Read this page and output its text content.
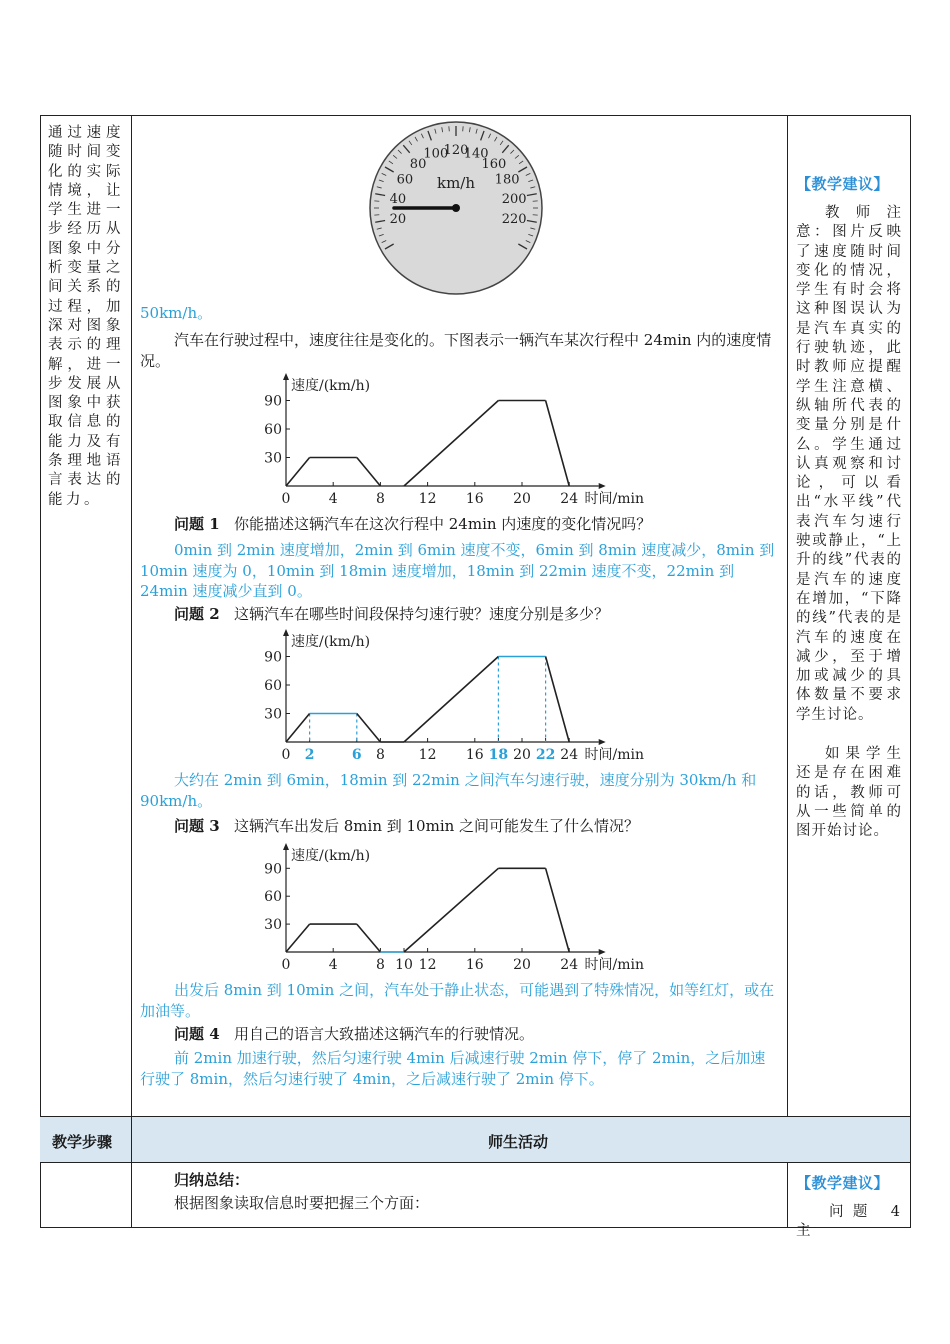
通过速度随时间变化的实际情境，让学生进一步经历从图象中分析变量之间关系的过程，加深对图象表示的理解，进一步发展从图象中获取信息的能力及有条理地语言表达的能力。
20
40
60
80
100
120
140
160
180
200
220
km/h
50km/h。
汽车在行驶过程中，速度往往是变化的。下图表示一辆汽车某次行程中 24min 内的速度情况。
速度/(km/h)
30
60
90
0	4	8 12 16 20 24 时间/min
问题 1 你能描述这辆汽车在这次行程中 24min 内速度的变化情况吗？
0min 到 2min 速度增加，2min 到 6min 速度不变，6min 到 8min 速度减少，8min 到 10min 速度为 0，10min 到 18min 速度增加，18min 到 22min 速度不变，22min 到 24min 速度减少直到 0。
问题 2 这辆汽车在哪些时间段保持匀速行驶？速度分别是多少？
速度/(km/h)
30
60
90
0 2	6 8 12 16 18 20 22 24 时间/min
大约在 2min 到 6min，18min 到 22min 之间汽车匀速行驶，速度分别为 30km/h 和 90km/h。
问题 3 这辆汽车出发后 8min 到 10min 之间可能发生了什么情况？
速度/(km/h)
30
60
90
0	4	8 10 12 16 20 24 时间/min
出发后 8min 到 10min 之间，汽车处于静止状态，可能遇到了特殊情况，如等红灯，或在加油等。
问题 4 用自己的语言大致描述这辆汽车的行驶情况。
前 2min 加速行驶，然后匀速行驶 4min 后减速行驶 2min 停下，停了 2min，之后加速行驶了 8min，然后匀速行驶了 4min，之后减速行驶了 2min 停下。
【教学建议】
教师注意：图片反映了速度随时间变化的情况，学生有时会将这种图误认为是汽车真实的行驶轨迹，此时教师应提醒学生注意横、纵轴所代表的变量分别是什么。学生通过认真观察和讨论，可以看出“水平线”代表汽车匀速行驶或静止，“上升的线”代表的是汽车的速度在增加，“下降的线”代表的是汽车的速度在减少，至于增加或减少的具体数量不要求学生讨论。
如果学生还是存在困难的话，教师可从一些简单的图开始讨论。
教学步骤	师生活动
归纳总结：
根据图象读取信息时要把握三个方面：
【教学建议】
问题 4 主
